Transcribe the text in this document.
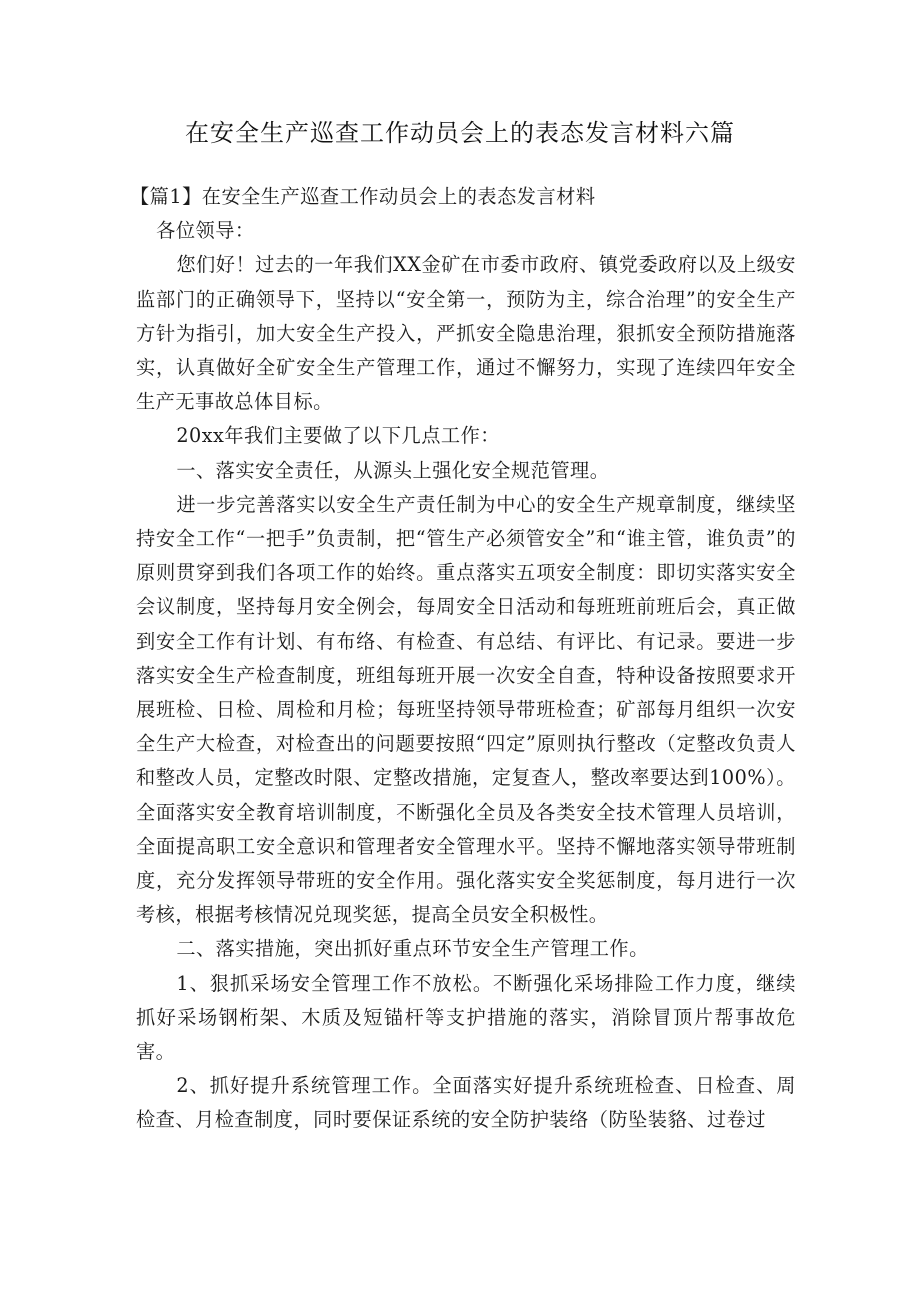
在安全生产巡查工作动员会上的表态发言材料六篇

【篇1】在安全生产巡查工作动员会上的表态发言材料

各位领导：

您们好！过去的一年我们XX金矿在市委市政府、镇党委政府以及上级安监部门的正确领导下，坚持以“安全第一，预防为主，综合治理”的安全生产方针为指引，加大安全生产投入，严抓安全隐患治理，狠抓安全预防措施落实，认真做好全矿安全生产管理工作，通过不懈努力，实现了连续四年安全生产无事故总体目标。

20xx年我们主要做了以下几点工作：

一、落实安全责任，从源头上强化安全规范管理。

进一步完善落实以安全生产责任制为中心的安全生产规章制度，继续坚持安全工作“一把手”负责制，把“管生产必须管安全”和“谁主管，谁负责”的原则贯穿到我们各项工作的始终。重点落实五项安全制度：即切实落实安全会议制度，坚持每月安全例会，每周安全日活动和每班班前班后会，真正做到安全工作有计划、有布络、有检查、有总结、有评比、有记录。要进一步落实安全生产检查制度，班组每班开展一次安全自查，特种设备按照要求开展班检、日检、周检和月检；每班坚持领导带班检查；矿部每月组织一次安全生产大检查，对检查出的问题要按照“四定”原则执行整改（定整改负责人和整改人员，定整改时限、定整改措施，定复查人，整改率要达到100%）。全面落实安全教育培训制度，不断强化全员及各类安全技术管理人员培训，全面提高职工安全意识和管理者安全管理水平。坚持不懈地落实领导带班制度，充分发挥领导带班的安全作用。强化落实安全奖惩制度，每月进行一次考核，根据考核情况兑现奖惩，提高全员安全积极性。

二、落实措施，突出抓好重点环节安全生产管理工作。

1、狠抓采场安全管理工作不放松。不断强化采场排险工作力度，继续抓好采场钢桁架、木质及短锚杆等支护措施的落实，消除冒顶片帮事故危害。

2、抓好提升系统管理工作。全面落实好提升系统班检查、日检查、周检查、月检查制度，同时要保证系统的安全防护装络（防坠装貉、过卷过
